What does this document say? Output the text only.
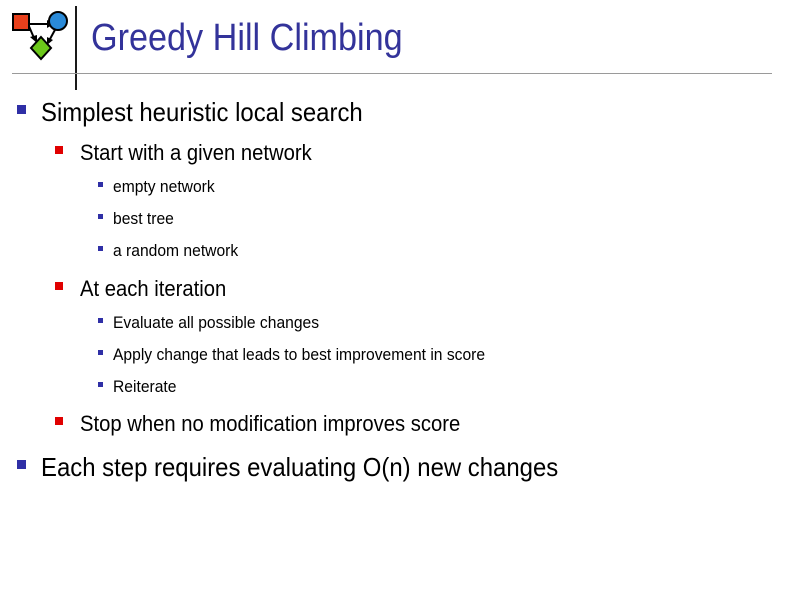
Greedy Hill Climbing
Simplest heuristic local search
Start with a given network
empty network
best tree
a random network
At each iteration
Evaluate all possible changes
Apply change that leads to best improvement in score
Reiterate
Stop when no modification improves score
Each step requires evaluating O(n) new changes
